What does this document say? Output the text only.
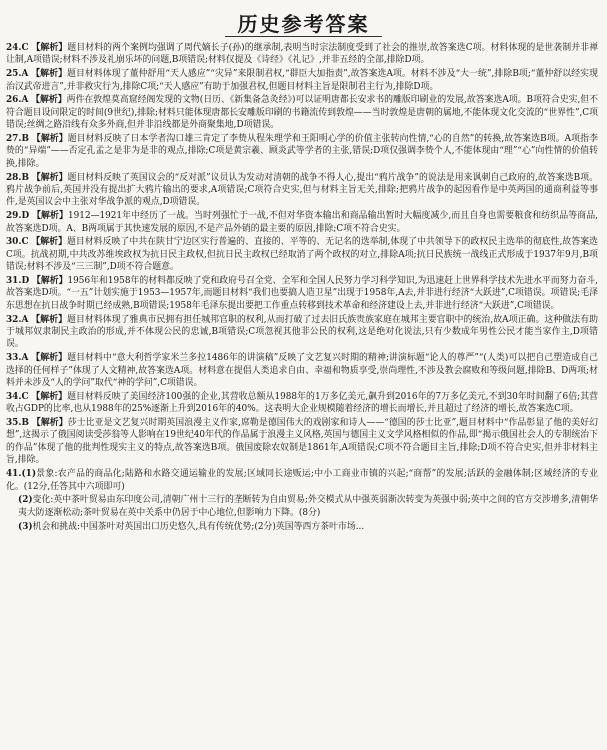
历史参考答案

24.C 【解析】题目材料的两个案例均强调了周代嫡长子(孙)的继承制,表明当时宗法制度受到了社会的推崇,故答案选C项。材料体现的是世袭制并非禅让制,A项错误;材料不涉及礼崩乐坏的问题,B项错误;材料仅提及《诗经》《礼记》,并非五经的全部,排除D项。

25.A 【解析】题目材料体现了董仲舒用“天人感应”“灾异”来限制君权,“群臣大加指责”,故答案选A项。材料不涉及“大一统”,排除B项;“董仲舒以经实现治汉武帝进言”,并非救灾行为,排除C项;“天人感应”有助于加强君权,但题目材料主旨是限制君主行为,排除D项。

26.A 【解析】两件在敦煌莫高窟经阁发现的文物(日历、《新集备急灸经》)可以证明唐都长安求书的雕版印刷业的发展,故答案选A项。B项符合史实,但不符合题目设问限定的时间(9世纪),排除;材料只能体现唐都长安雕版印刷的书籍流传到敦煌——当时敦煌是唐朝的属地,不能体现文化交流的“世界性”,C项错误;丝绸之路沿线有众多外商,但并非沿线都是外商聚集地,D项错误。

27.B 【解析】题目材料反映了日本学者沟口雄三肯定了李贽从程朱理学和王阳明心学的价值主张转向性情,“心的自然”的转换,故答案选B项。A项指李贽的“异端”——否定孔孟之是非为是非的观点,排除;C项是黄宗羲、顾炎武等学者的主张,错误;D项仅强调李贽个人,不能体现由“理”“心”向性情的价值转换,排除。

28.B 【解析】题目材料反映了英国议会的“反对派”议员认为发动对清朝的战争不得人心,提出“鸦片战争”的说法是用来讽刺自己政府的,故答案选B项。鸦片战争前后,英国并没有提出扩大鸦片输出的要求,A项错误;C项符合史实,但与材料主旨无关,排除;把鸦片战争的起因看作是中英两国的通商利益等事件,是英国议会中主张对华战争派的观点,D项错误。

29.D 【解析】1912—1921年中经历了一战。当时列强忙于一战,不但对华资本输出和商品输出暂时大幅度减少,而且自身也需要粮食和纺织品等商品,故答案选D项。A、B两项属于其快速发展的原因,不是产品外销的最主要的原因,排除;C项不符合史实。

30.C 【解析】题目材料反映了中共在陕甘宁边区实行普遍的、直接的、平等的、无记名的选举制,体现了中共领导下的政权民主选举的彻底性,故答案选C项。抗战初期,中共改苏维埃政权为抗日民主政权,但抗日民主政权已经取消了两个政权的对立,排除A项;抗日民族统一战线正式形成于1937年9月,B项错误;材料不涉及“三三制”,D项不符合题意。

31.D 【解析】1956年和1958年的材料都反映了党和政府号召全党、全军和全国人民努力学习科学知识,为迅速赶上世界科学技术先进水平而努力奋斗,故答案选D项。“一五”计划实施于1953—1957年,而题目材料“我们也要搞人造卫星”出现于1958年,A去,并非进行经济“大跃进”,C项错误。项错误;毛泽东思想在抗日战争时期已经成熟,B项错误;1958年毛泽东提出要把工作重点转移到技术革命和经济建设上去,并非进行经济“大跃进”,C项错误。

32.A 【解析】题目材料体现了雅典市民拥有担任城邦官职的权利,从而打破了过去旧氏族贵族家庭在城邦主要官职中的统治,故A项正确。这种做法有助于城邦奴隶制民主政治的形成,并不体现公民的忠诚,B项错误;C项忽视其他非公民的权利,这是绝对化说法,只有少数成年男性公民才能当家作主,D项错误。

33.A 【解析】题目材料中“意大利哲学家米兰多拉1486年的讲演稿”反映了文艺复兴时期的精神;讲演标题“论人的尊严”“(人类)可以把自己塑造成自己选择的任何样子”体现了人文精神,故答案选A项。材料意在提倡人类追求自由、幸福和物质享受,崇尚理性,不涉及教会腐败和等级问题,排除B、D两项;材料并未涉及“人的学问”取代“神的学问”,C项错误。

34.C 【解析】题目材料反映了美国经济100强的企业,其营收总额从1988年的1万多亿美元,飙升到2016年的7万多亿美元,不到30年时间翻了6倍;其营收占GDP的比率,也从1988年的25%逐渐上升到2016年的40%。这表明大企业规模随着经济的增长而增长,并且超过了经济的增长,故答案选C项。

35.B 【解析】莎士比亚是文艺复兴时期英国浪漫主义作家,席勒是德国伟大的戏剧家和诗人——“德国的莎士比亚”,题目材料中“作品彰显了他的美好幻想”,这揭示了俄国阅读受莎翁等人影响在19世纪40年代的作品属于浪漫主义风格,英国与德国主义文学风格相似的作品,即“揭示俄国社会人的专制统治下的作品”体现了他的批判性现实主义的特点,故答案选B项。俄国废除农奴制是1861年,A项错误;C项不符合题目主旨,排除;D项不符合史实,但并非材料主旨,排除。

41.(1)景象:农产品的商品化;陆路和水路交通运输业的发展;区域同长途贩运;中小工商业市镇的兴起;“商帮”的发展;活跃的金融体制;区域经济的专业化。(12分,任答其中六项即可)

(2)变化:英中茶叶贸易由东印度公司,清朝广州十三行的垄断转为自由贸易;外交模式从中强英弱渐次转变为英强中弱;英中之间的官方交涉增多,清朝华夷大防逐渐松动;茶叶贸易在英中关系中仍居于中心地位,但影响力下降。(8分)

(3)机会和挑战:中国茶叶对英国出口历史悠久,具有传统优势;(2分)英国等西方茶叶市场...
